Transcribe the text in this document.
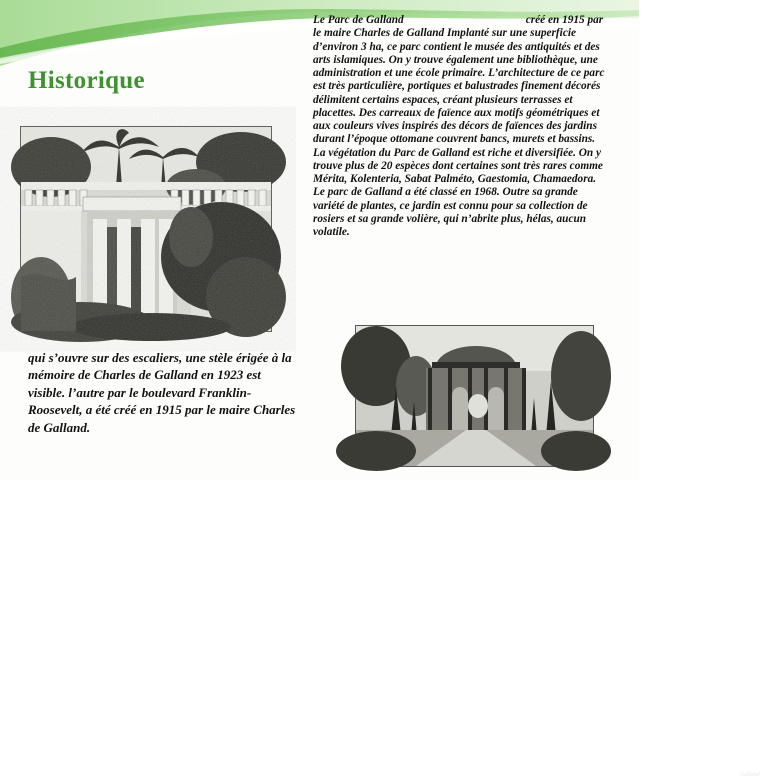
Historique
Le Parc de Galland	créé en 1915 par le maire Charles de Galland Implanté sur une superficie d’environ 3 ha, ce parc contient le musée des antiquités et des arts islamiques. On y trouve également une bibliothèque, une administration et une école primaire. L’architecture de ce parc est très particulière, portiques et balustrades finement décorés délimitent certains espaces, créant plusieurs terrasses et placettes. Des carreaux de faïence aux motifs géométriques et aux couleurs vives inspirés des décors de faïences des jardins durant l’époque ottomane couvrent bancs, murets et bassins. La végétation du Parc de Galland est riche et diversifiée. On y trouve plus de 20 espèces dont certaines sont très rares comme Mérita, Kolenteria, Sabat Palméto, Gaestomia, Chamaedora. Le parc de Galland a été classé en 1968. Outre sa grande variété de plantes, ce jardin est connu pour sa collection de rosiers et sa grande volière, qui n’abrite plus, hélas, aucun volatile.
qui s’ouvre sur des escaliers, une stèle érigée à la mémoire de Charles de Galland en 1923 est visible. l’autre par le boulevard Franklin- Roosevelt, a été créé en 1915 par le maire Charles de Galland.
Galland
